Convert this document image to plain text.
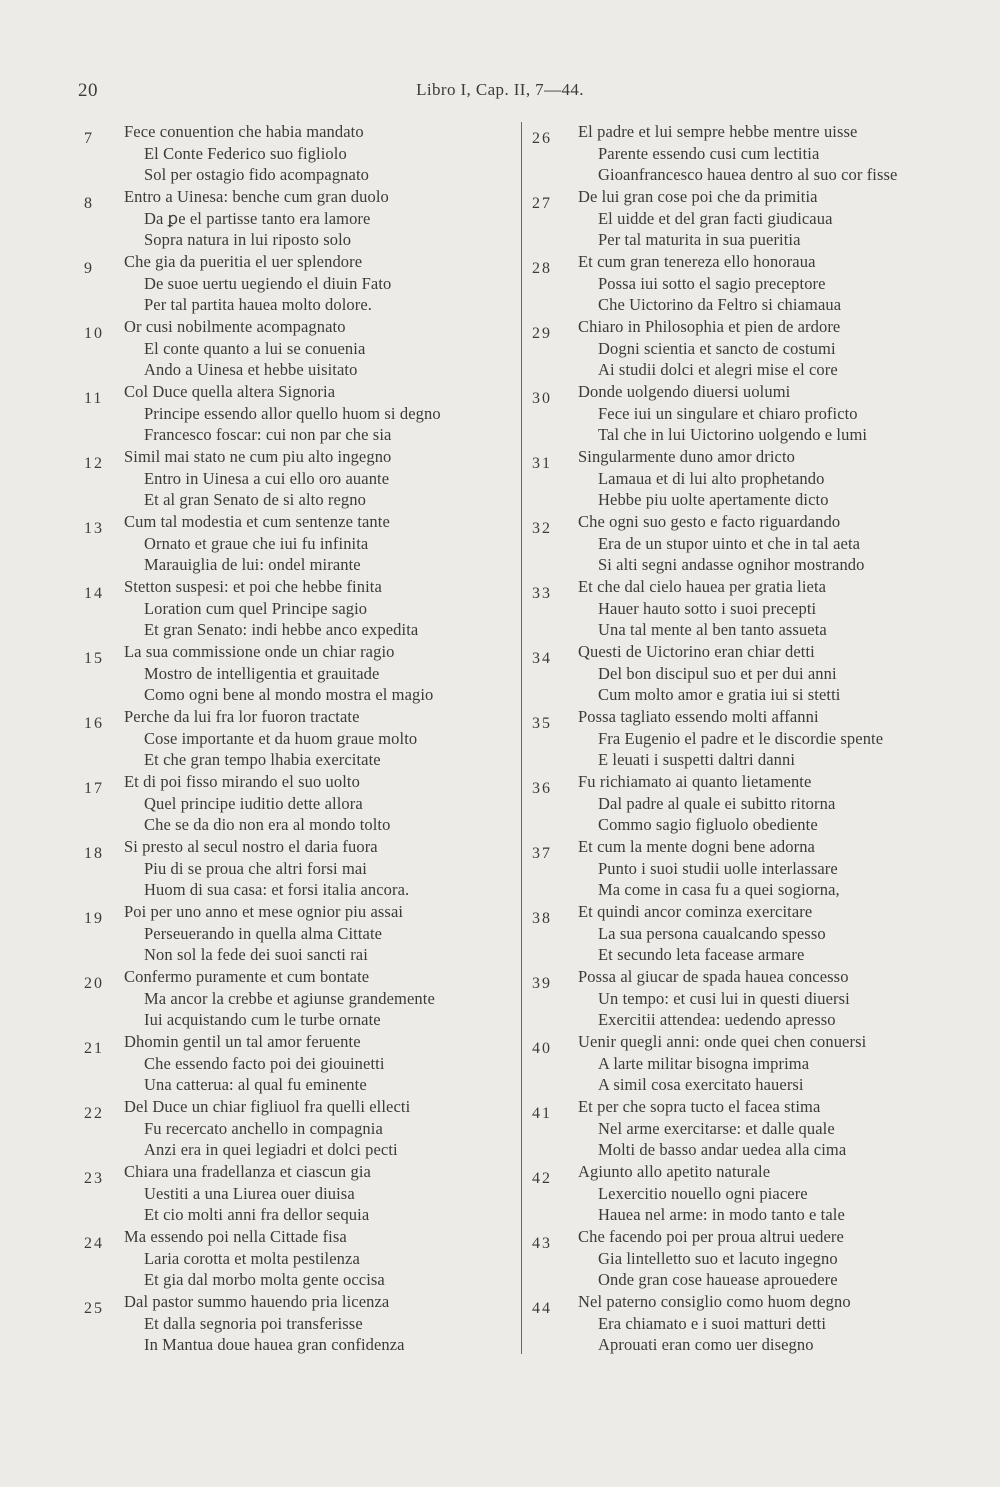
20	Libro I, Cap. II, 7—44.
7	Fece conuention che habia mandato
El Conte Federico suo figliolo
Sol per ostagio fido acompagnato
8	Entro a Uinesa: benche cum gran duolo
Da ꝑe el partisse tanto era lamore
Sopra natura in lui riposto solo
9	Che gia da pueritia el uer splendore
De suoe uertu uegiendo el diuin Fato
Per tal partita hauea molto dolore.
10	Or cusi nobilmente acompagnato
El conte quanto a lui se conuenia
Ando a Uinesa et hebbe uisitato
11	Col Duce quella altera Signoria
Principe essendo allor quello huom si degno
Francesco foscar: cui non par che sia
12	Simil mai stato ne cum piu alto ingegno
Entro in Uinesa a cui ello oro auante
Et al gran Senato de si alto regno
13	Cum tal modestia et cum sentenze tante
Ornato et graue che iui fu infinita
Marauiglia de lui: ondel mirante
14	Stetton suspesi: et poi che hebbe finita
Loration cum quel Principe sagio
Et gran Senato: indi hebbe anco expedita
15	La sua commissione onde un chiar ragio
Mostro de intelligentia et grauitade
Como ogni bene al mondo mostra el magio
16	Perche da lui fra lor fuoron tractate
Cose importante et da huom graue molto
Et che gran tempo lhabia exercitate
17	Et di poi fisso mirando el suo uolto
Quel principe iuditio dette allora
Che se da dio non era al mondo tolto
18	Si presto al secul nostro el daria fuora
Piu di se proua che altri forsi mai
Huom di sua casa: et forsi italia ancora.
19	Poi per uno anno et mese ognior piu assai
Perseuerando in quella alma Cittate
Non sol la fede dei suoi sancti rai
20	Confermo puramente et cum bontate
Ma ancor la crebbe et agiunse grandemente
Iui acquistando cum le turbe ornate
21	Dhomin gentil un tal amor feruente
Che essendo facto poi dei giouinetti
Una catterua: al qual fu eminente
22	Del Duce un chiar figliuol fra quelli ellecti
Fu recercato anchello in compagnia
Anzi era in quei legiadri et dolci pecti
23	Chiara una fradellanza et ciascun gia
Uestiti a una Liurea ouer diuisa
Et cio molti anni fra dellor sequia
24	Ma essendo poi nella Cittade fisa
Laria corotta et molta pestilenza
Et gia dal morbo molta gente occisa
25	Dal pastor summo hauendo pria licenza
Et dalla segnoria poi transferisse
In Mantua doue hauea gran confidenza
26	El padre et lui sempre hebbe mentre uisse
Parente essendo cusi cum lectitia
Gioanfrancesco hauea dentro al suo cor fisse
27	De lui gran cose poi che da primitia
El uidde et del gran facti giudicaua
Per tal maturita in sua pueritia
28	Et cum gran tenereza ello honoraua
Possa iui sotto el sagio preceptore
Che Uictorino da Feltro si chiamaua
29	Chiaro in Philosophia et pien de ardore
Dogni scientia et sancto de costumi
Ai studii dolci et alegri mise el core
30	Donde uolgendo diuersi uolumi
Fece iui un singulare et chiaro proficto
Tal che in lui Uictorino uolgendo e lumi
31	Singularmente duno amor dricto
Lamaua et di lui alto prophetando
Hebbe piu uolte apertamente dicto
32	Che ogni suo gesto e facto riguardando
Era de un stupor uinto et che in tal aeta
Si alti segni andasse ognihor mostrando
33	Et che dal cielo hauea per gratia lieta
Hauer hauto sotto i suoi precepti
Una tal mente al ben tanto assueta
34	Questi de Uictorino eran chiar detti
Del bon discipul suo et per dui anni
Cum molto amor e gratia iui si stetti
35	Possa tagliato essendo molti affanni
Fra Eugenio el padre et le discordie spente
E leuati i suspetti daltri danni
36	Fu richiamato ai quanto lietamente
Dal padre al quale ei subitto ritorna
Commo sagio figluolo obediente
37	Et cum la mente dogni bene adorna
Punto i suoi studii uolle interlassare
Ma come in casa fu a quei sogiorna,
38	Et quindi ancor cominza exercitare
La sua persona caualcando spesso
Et secundo leta facease armare
39	Possa al giucar de spada hauea concesso
Un tempo: et cusi lui in questi diuersi
Exercitii attendea: uedendo apresso
40	Uenir quegli anni: onde quei chen conuersi
A larte militar bisogna imprima
A simil cosa exercitato hauersi
41	Et per che sopra tucto el facea stima
Nel arme exercitarse: et dalle quale
Molti de basso andar uedea alla cima
42	Agiunto allo apetito naturale
Lexercitio nouello ogni piacere
Hauea nel arme: in modo tanto e tale
43	Che facendo poi per proua altrui uedere
Gia lintelletto suo et lacuto ingegno
Onde gran cose hauease aprouedere
44	Nel paterno consiglio como huom degno
Era chiamato e i suoi matturi detti
Aprouati eran como uer disegno
